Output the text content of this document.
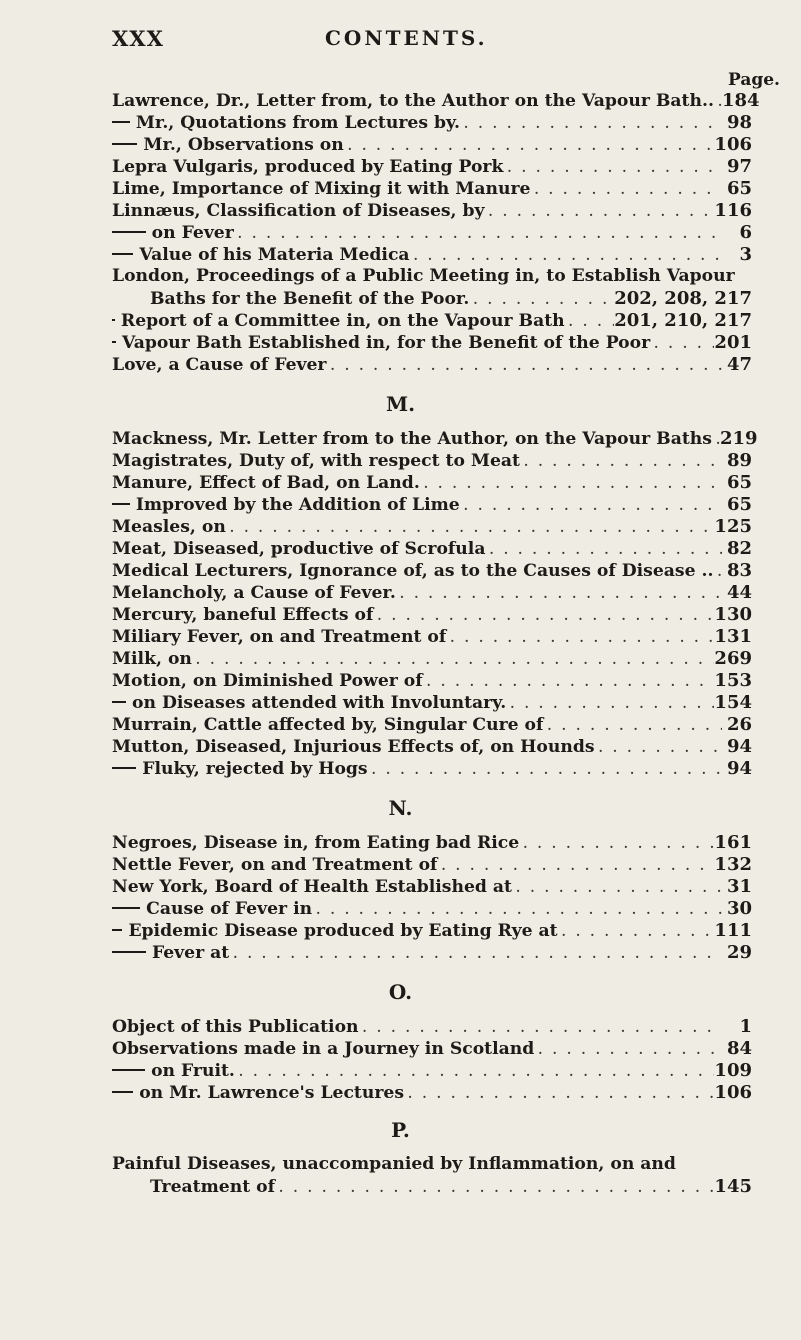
XXX	CONTENTS.
Page.
Lawrence, Dr., Letter from, to the Author on the Vapour Bath.. . . . 184
Mr., Quotations from Lectures by. . . .	98
Mr., Observations on . . .	106
Lepra Vulgaris, produced by Eating Pork . . .	97
Lime, Importance of Mixing it with Manure . . .	65
Linnæus, Classification of Diseases, by . . .	116
on Fever . . .	6
Value of his Materia Medica . . .	3
London, Proceedings of a Public Meeting in, to Establish Vapour
Baths for the Benefit of the Poor. . . .	202, 208, 217
Report of a Committee in, on the Vapour Bath . . .	201, 210, 217
Vapour Bath Established in, for the Benefit of the Poor . . .	201
Love, a Cause of Fever . . .	47
M.
Mackness, Mr. Letter from to the Author, on the Vapour Baths . . . 219
Magistrates, Duty of, with respect to Meat . . .	89
Manure, Effect of Bad, on Land. . . .	65
Improved by the Addition of Lime . . .	65
Measles, on . . .	125
Meat, Diseased, productive of Scrofula . . .	82
Medical Lecturers, Ignorance of, as to the Causes of Disease .. . . . 83
Melancholy, a Cause of Fever. . . .	44
Mercury, baneful Effects of . . .	130
Miliary Fever, on and Treatment of . . .	131
Milk, on . . .	269
Motion, on Diminished Power of . . .	153
on Diseases attended with Involuntary. . . .	154
Murrain, Cattle affected by, Singular Cure of . . .	26
Mutton, Diseased, Injurious Effects of, on Hounds . . .	94
Fluky, rejected by Hogs . . .	94
N.
Negroes, Disease in, from Eating bad Rice . . .	161
Nettle Fever, on and Treatment of . . .	132
New York, Board of Health Established at . . .	31
Cause of Fever in . . .	30
Epidemic Disease produced by Eating Rye at . . .	111
Fever at . . .	29
O.
Object of this Publication . . .	1
Observations made in a Journey in Scotland . . .	84
on Fruit. . . .	109
on Mr. Lawrence's Lectures . . .	106
P.
Painful Diseases, unaccompanied by Inflammation, on and
Treatment of . . .	145
